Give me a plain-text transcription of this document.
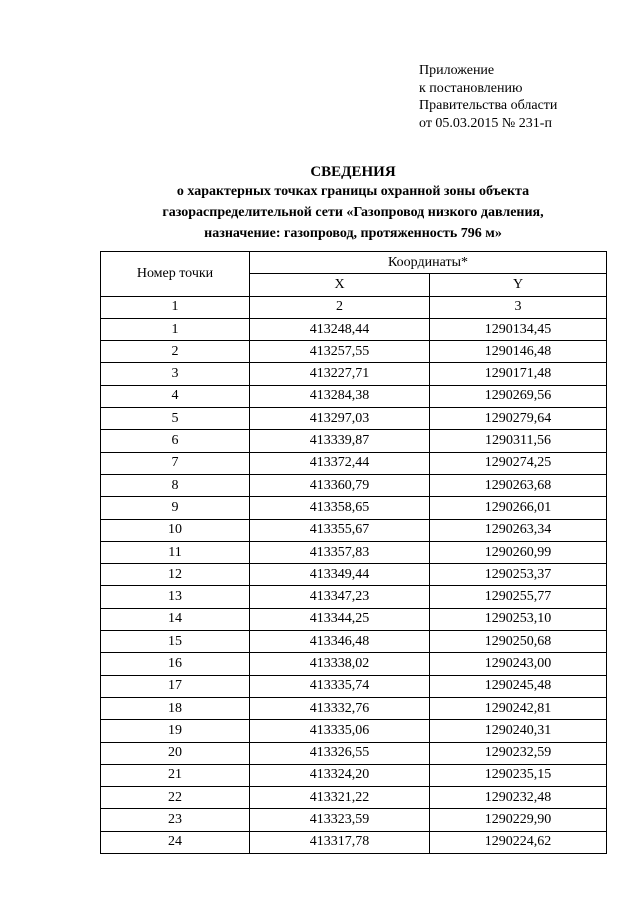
Приложение
к постановлению
Правительства области
от 05.03.2015 № 231-п
СВЕДЕНИЯ
о характерных точках границы охранной зоны объекта
газораспределительной сети «Газопровод низкого давления,
назначение: газопровод, протяженность 796 м»
Номер точки	Координаты*	
	X	Y
1	2	3
1	413248,44	1290134,45
2	413257,55	1290146,48
3	413227,71	1290171,48
4	413284,38	1290269,56
5	413297,03	1290279,64
6	413339,87	1290311,56
7	413372,44	1290274,25
8	413360,79	1290263,68
9	413358,65	1290266,01
10	413355,67	1290263,34
11	413357,83	1290260,99
12	413349,44	1290253,37
13	413347,23	1290255,77
14	413344,25	1290253,10
15	413346,48	1290250,68
16	413338,02	1290243,00
17	413335,74	1290245,48
18	413332,76	1290242,81
19	413335,06	1290240,31
20	413326,55	1290232,59
21	413324,20	1290235,15
22	413321,22	1290232,48
23	413323,59	1290229,90
24	413317,78	1290224,62
